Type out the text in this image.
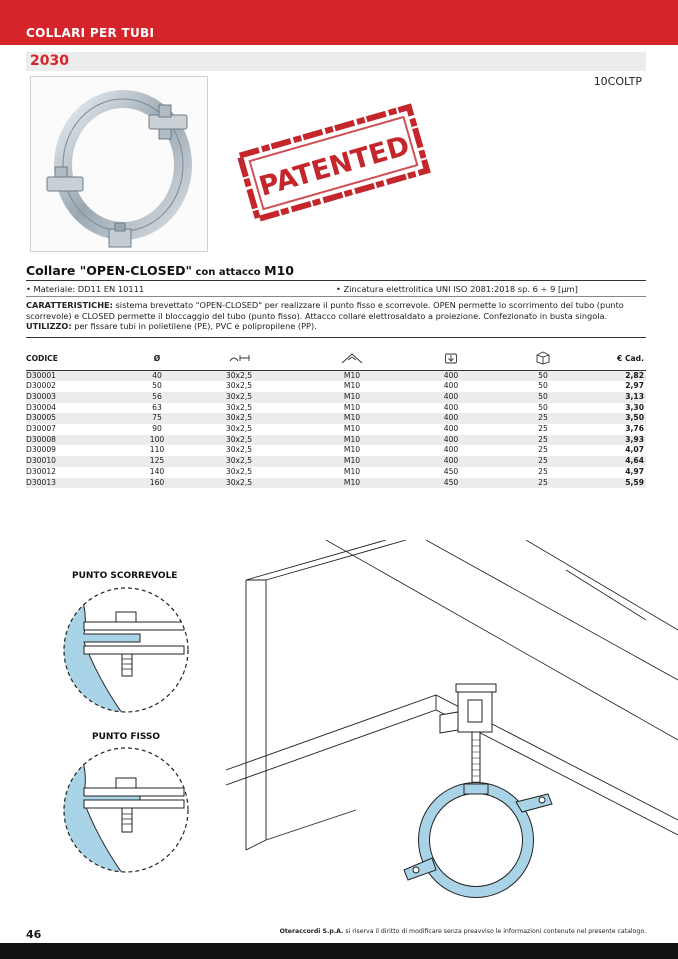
COLLARI PER TUBI
2030
10COLTP
PATENTED
Collare "OPEN-CLOSED" con attacco M10
• Materiale: DD11 EN 10111	• Zincatura elettrolitica UNI ISO 2081:2018 sp. 6 ÷ 9 [µm]
CARATTERISTICHE: sistema brevettato "OPEN-CLOSED" per realizzare il punto fisso e scorrevole. OPEN permette lo scorrimento del tubo (punto scorrevole) e CLOSED permette il bloccaggio del tubo (punto fisso). Attacco collare elettrosaldato a proiezione. Confezionato in busta singola.
UTILIZZO: per fissare tubi in polietilene (PE), PVC e polipropilene (PP).
CODICE	Ø					€ Cad.
D30001	40	30x2,5	M10	400	50	2,82
D30002	50	30x2,5	M10	400	50	2,97
D30003	56	30x2,5	M10	400	50	3,13
D30004	63	30x2,5	M10	400	50	3,30
D30005	75	30x2,5	M10	400	25	3,50
D30007	90	30x2,5	M10	400	25	3,76
D30008	100	30x2,5	M10	400	25	3,93
D30009	110	30x2,5	M10	400	25	4,07
D30010	125	30x2,5	M10	400	25	4,64
D30012	140	30x2,5	M10	450	25	4,97
D30013	160	30x2,5	M10	450	25	5,59
PUNTO SCORREVOLE
PUNTO FISSO
46	Oteraccordi S.p.A. si riserva il diritto di modificare senza preavviso le informazioni contenute nel presente catalogo.
